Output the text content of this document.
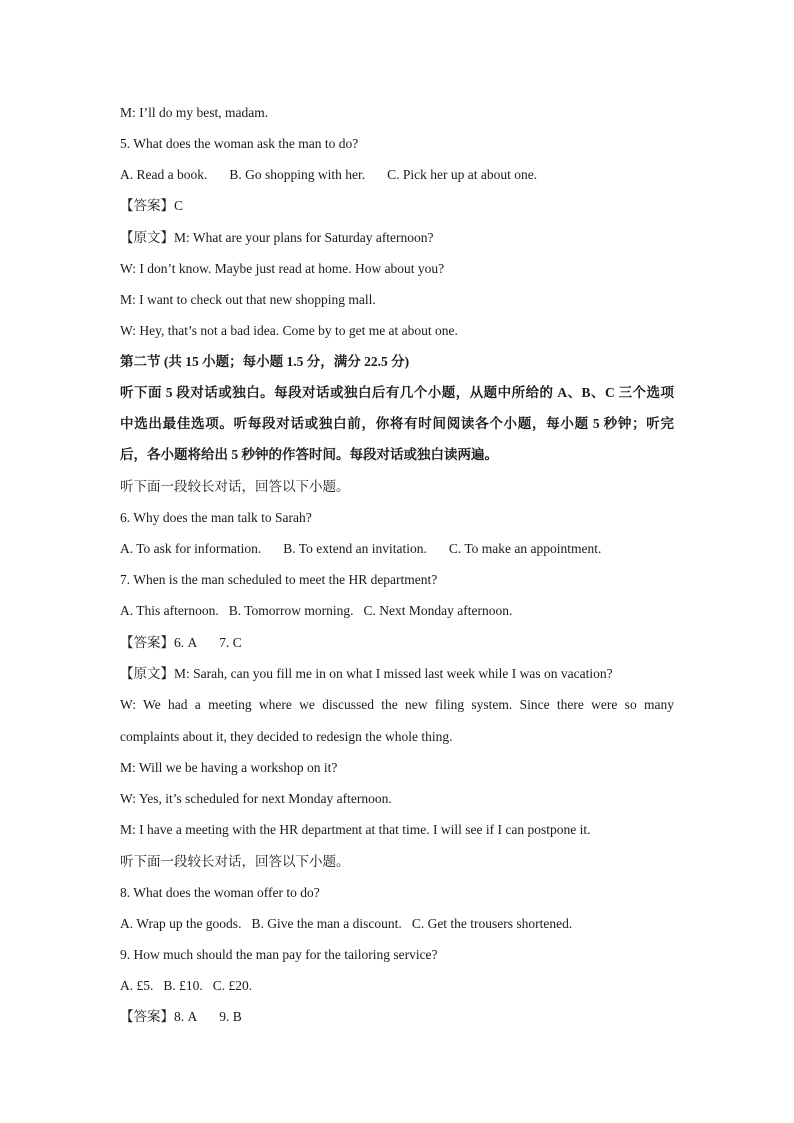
M: I’ll do my best, madam.
5. What does the woman ask the man to do?
A. Read a book. B. Go shopping with her. C. Pick her up at about one.
【答案】C
【原文】M: What are your plans for Saturday afternoon?
W: I don’t know. Maybe just read at home. How about you?
M: I want to check out that new shopping mall.
W: Hey, that’s not a bad idea. Come by to get me at about one.
第二节 (共 15 小题；每小题 1.5 分，满分 22.5 分)
听下面 5 段对话或独白。每段对话或独白后有几个小题，从题中所给的 A、B、C 三个选项
中选出最佳选项。听每段对话或独白前，你将有时间阅读各个小题，每小题 5 秒钟；听完
后，各小题将给出 5 秒钟的作答时间。每段对话或独白读两遍。
听下面一段较长对话，回答以下小题。
6. Why does the man talk to Sarah?
A. To ask for information. B. To extend an invitation. C. To make an appointment.
7. When is the man scheduled to meet the HR department?
A. This afternoon. B. Tomorrow morning. C. Next Monday afternoon.
【答案】6. A 7. C
【原文】M: Sarah, can you fill me in on what I missed last week while I was on vacation?
W: We had a meeting where we discussed the new filing system. Since there were so many
complaints about it, they decided to redesign the whole thing.
M: Will we be having a workshop on it?
W: Yes, it’s scheduled for next Monday afternoon.
M: I have a meeting with the HR department at that time. I will see if I can postpone it.
听下面一段较长对话，回答以下小题。
8. What does the woman offer to do?
A. Wrap up the goods. B. Give the man a discount. C. Get the trousers shortened.
9. How much should the man pay for the tailoring service?
A. £5. B. £10. C. £20.
【答案】8. A 9. B
